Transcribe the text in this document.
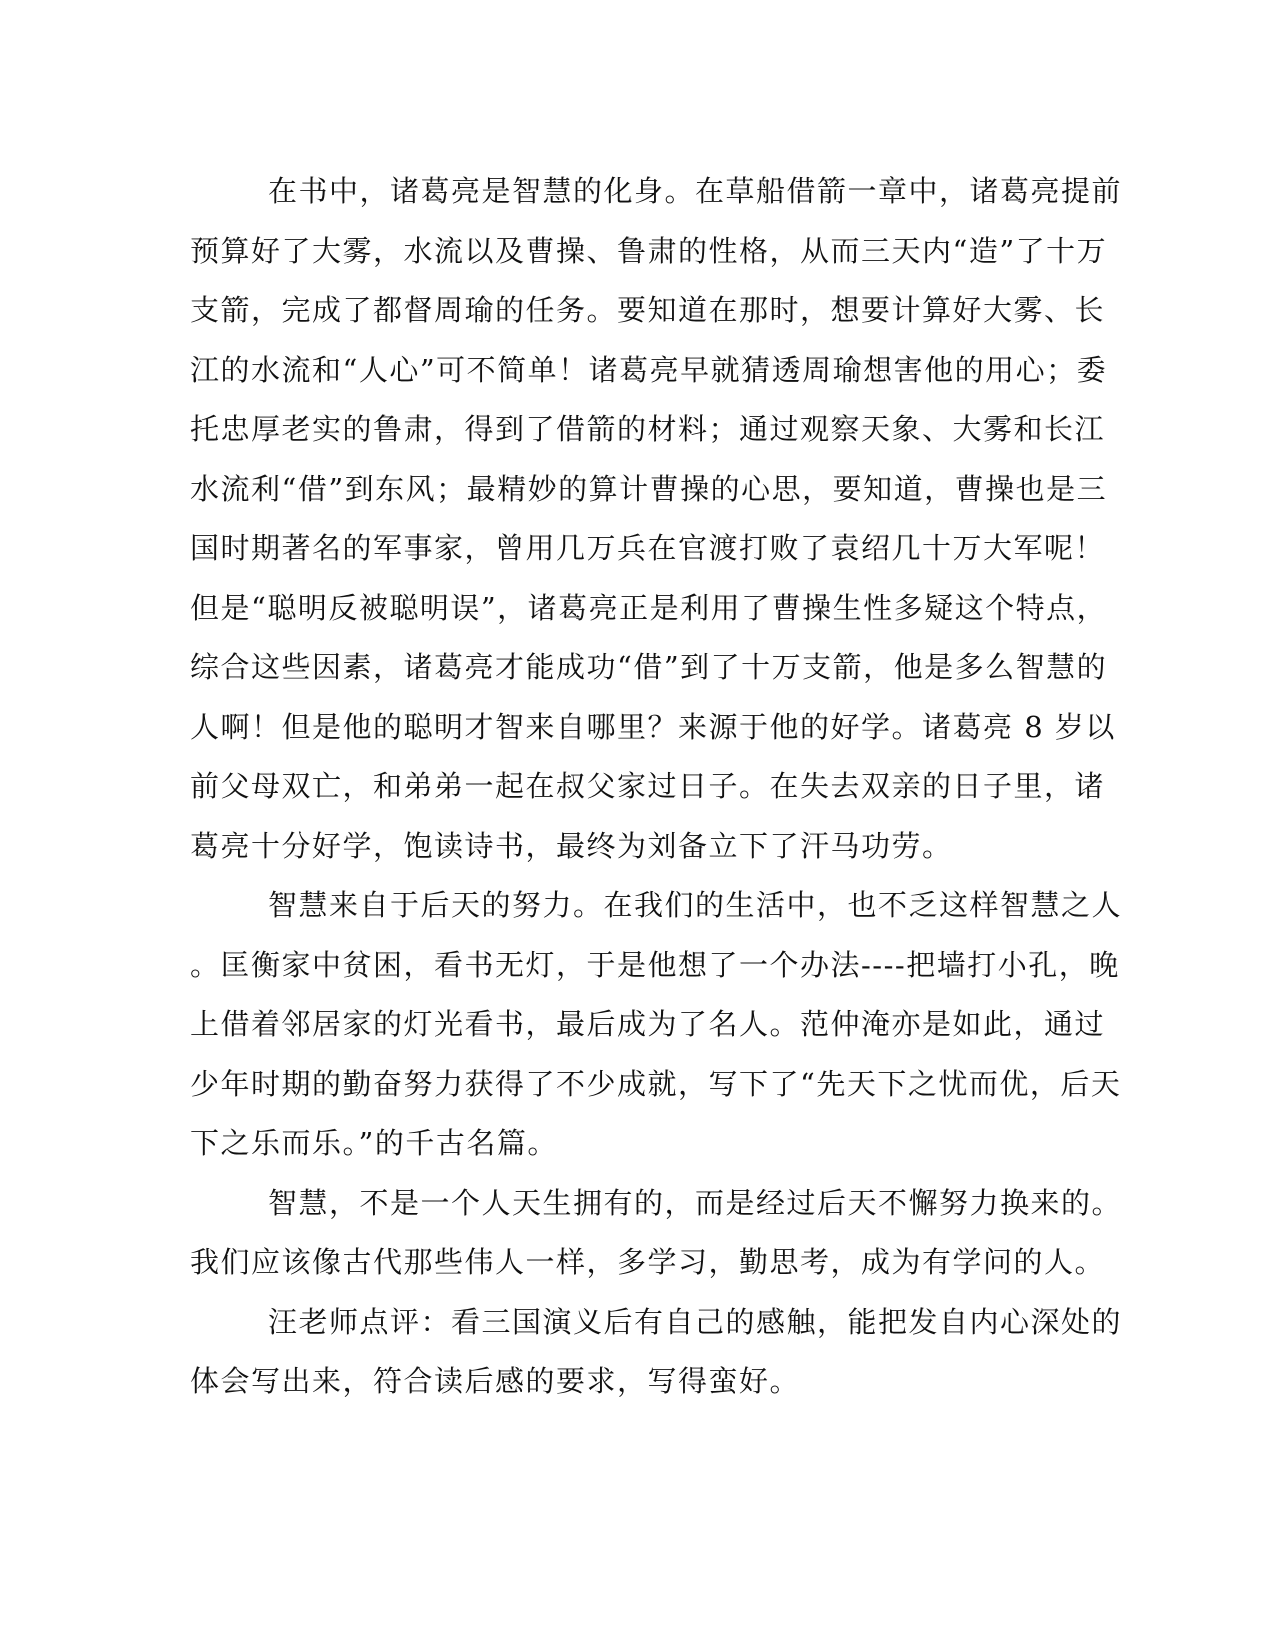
在书中，诸葛亮是智慧的化身。在草船借箭一章中，诸葛亮提前
预算好了大雾，水流以及曹操、鲁肃的性格，从而三天内“造”了十万
支箭，完成了都督周瑜的任务。要知道在那时，想要计算好大雾、长
江的水流和“人心”可不简单！诸葛亮早就猜透周瑜想害他的用心；委
托忠厚老实的鲁肃，得到了借箭的材料；通过观察天象、大雾和长江
水流利“借”到东风；最精妙的算计曹操的心思，要知道，曹操也是三
国时期著名的军事家，曾用几万兵在官渡打败了袁绍几十万大军呢！
但是“聪明反被聪明误”，诸葛亮正是利用了曹操生性多疑这个特点，
综合这些因素，诸葛亮才能成功“借”到了十万支箭，他是多么智慧的
人啊！但是他的聪明才智来自哪里？来源于他的好学。诸葛亮 8 岁以
前父母双亡，和弟弟一起在叔父家过日子。在失去双亲的日子里，诸
葛亮十分好学，饱读诗书，最终为刘备立下了汗马功劳。
智慧来自于后天的努力。在我们的生活中，也不乏这样智慧之人
。匡衡家中贫困，看书无灯，于是他想了一个办法----把墙打小孔，晚
上借着邻居家的灯光看书，最后成为了名人。范仲淹亦是如此，通过
少年时期的勤奋努力获得了不少成就，写下了“先天下之忧而优，后天
下之乐而乐。”的千古名篇。
智慧，不是一个人天生拥有的，而是经过后天不懈努力换来的。
我们应该像古代那些伟人一样，多学习，勤思考，成为有学问的人。
汪老师点评：看三国演义后有自己的感触，能把发自内心深处的
体会写出来，符合读后感的要求，写得蛮好。
